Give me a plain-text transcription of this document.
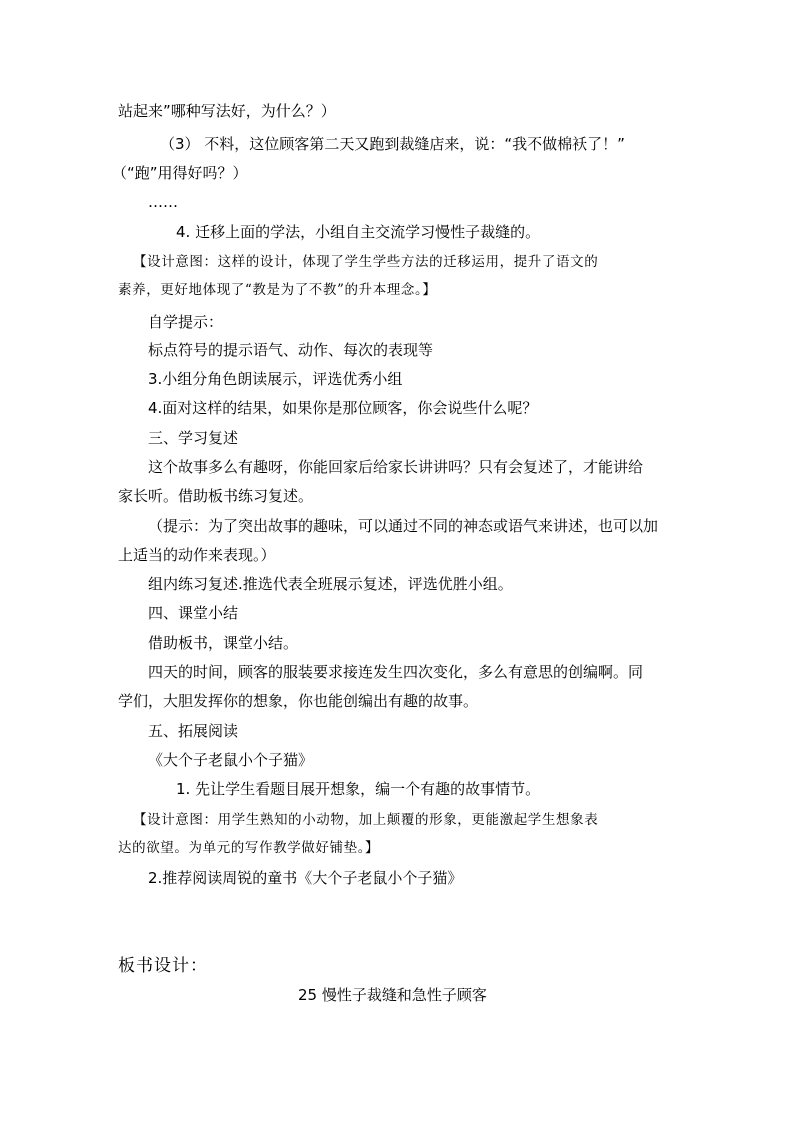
站起来”哪种写法好，为什么？）

（3） 不料，这位顾客第二天又跑到裁缝店来，说：“我不做棉袄了！”

（“跑”用得好吗？）

……

4. 迁移上面的学法，小组自主交流学习慢性子裁缝的。

【设计意图：这样的设计，体现了学生学些方法的迁移运用，提升了语文的

素养，更好地体现了“教是为了不教”的升本理念。】

自学提示：

标点符号的提示语气、动作、每次的表现等

3.小组分角色朗读展示，评选优秀小组

4.面对这样的结果，如果你是那位顾客，你会说些什么呢？

三、学习复述

这个故事多么有趣呀，你能回家后给家长讲讲吗？只有会复述了，才能讲给

家长听。借助板书练习复述。

（提示：为了突出故事的趣味，可以通过不同的神态或语气来讲述，也可以加

上适当的动作来表现。）

组内练习复述.推选代表全班展示复述，评选优胜小组。

四、课堂小结

借助板书，课堂小结。

四天的时间，顾客的服装要求接连发生四次变化，多么有意思的创编啊。同

学们，大胆发挥你的想象，你也能创编出有趣的故事。

五、拓展阅读

《大个子老鼠小个子猫》

1. 先让学生看题目展开想象，编一个有趣的故事情节。

【设计意图：用学生熟知的小动物，加上颠覆的形象，更能激起学生想象表

达的欲望。为单元的写作教学做好铺垫。】

2.推荐阅读周锐的童书《大个子老鼠小个子猫》

板书设计：

25 慢性子裁缝和急性子顾客
